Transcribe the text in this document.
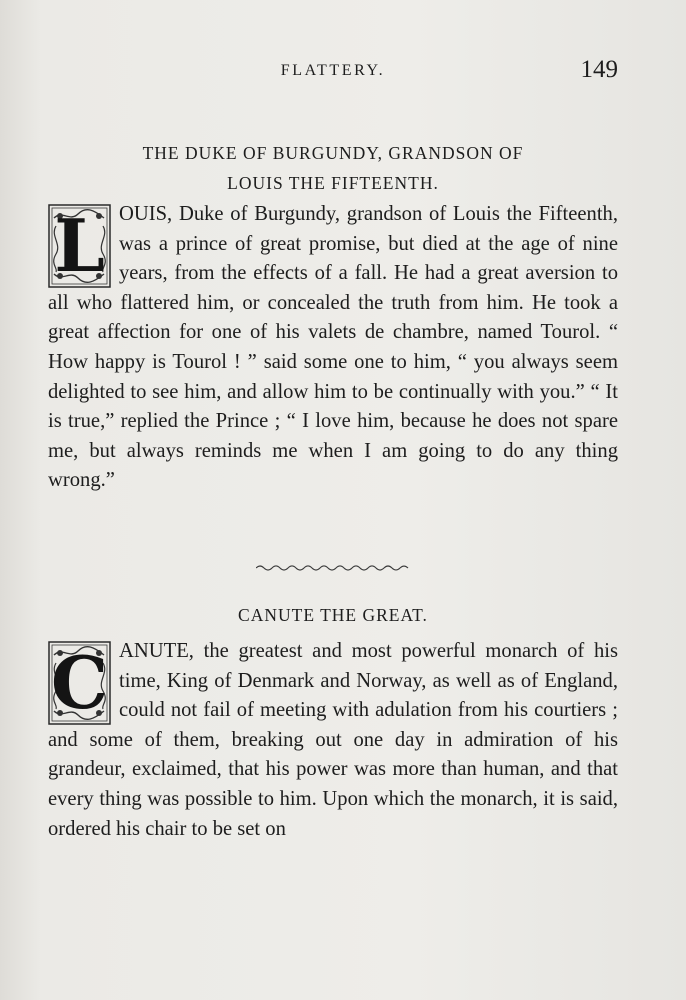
FLATTERY.	149
THE DUKE OF BURGUNDY, GRANDSON OF
LOUIS THE FIFTEENTH.
L OUIS, Duke of Burgundy, grandson of Louis the Fifteenth, was a prince of great promise, but died at the age of nine years, from the effects of a fall. He had a great aversion to all who flattered him, or concealed the truth from him. He took a great affection for one of his valets de chambre, named Tourol. “ How happy is Tourol ! ” said some one to him, “ you always seem delighted to see him, and allow him to be continually with you.” “ It is true,” replied the Prince ; “ I love him, because he does not spare me, but always reminds me when I am going to do any thing wrong.”

CANUTE THE GREAT.
C ANUTE, the greatest and most powerful monarch of his time, King of Denmark and Norway, as well as of England, could not fail of meeting with adulation from his courtiers ; and some of them, breaking out one day in admiration of his grandeur, exclaimed, that his power was more than human, and that every thing was possible to him. Upon which the monarch, it is said, ordered his chair to be set on
